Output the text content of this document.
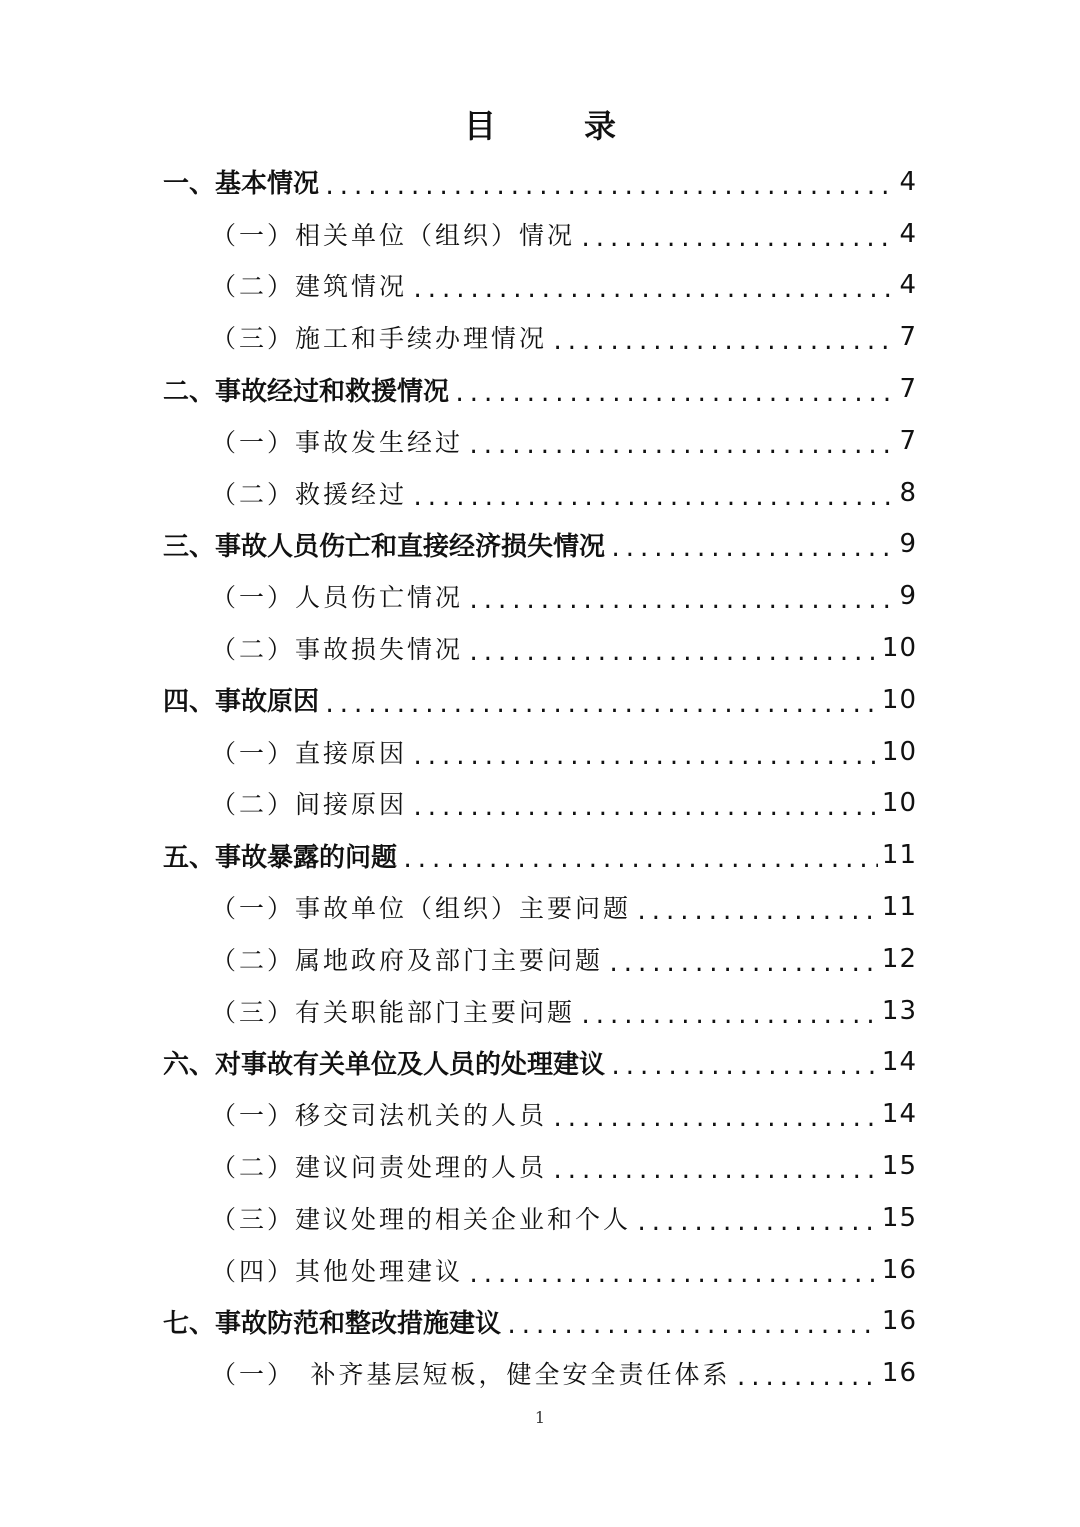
目　录
一、基本情况 .....	4
（一）相关单位（组织）情况 .....	4
（二）建筑情况 .....	4
（三）施工和手续办理情况 .....	7
二、事故经过和救援情况 .....	7
（一）事故发生经过 .....	7
（二）救援经过 .....	8
三、事故人员伤亡和直接经济损失情况 .....	9
（一）人员伤亡情况 .....	9
（二）事故损失情况 .....	10
四、事故原因 .....	10
（一）直接原因 .....	10
（二）间接原因 .....	10
五、事故暴露的问题 .....	11
（一）事故单位（组织）主要问题 .....	11
（二）属地政府及部门主要问题 .....	12
（三）有关职能部门主要问题 .....	13
六、对事故有关单位及人员的处理建议 .....	14
（一）移交司法机关的人员 .....	14
（二）建议问责处理的人员 .....	15
（三）建议处理的相关企业和个人 .....	15
（四）其他处理建议 .....	16
七、事故防范和整改措施建议 .....	16
（一）　补齐基层短板，健全安全责任体系 .....	16
1
